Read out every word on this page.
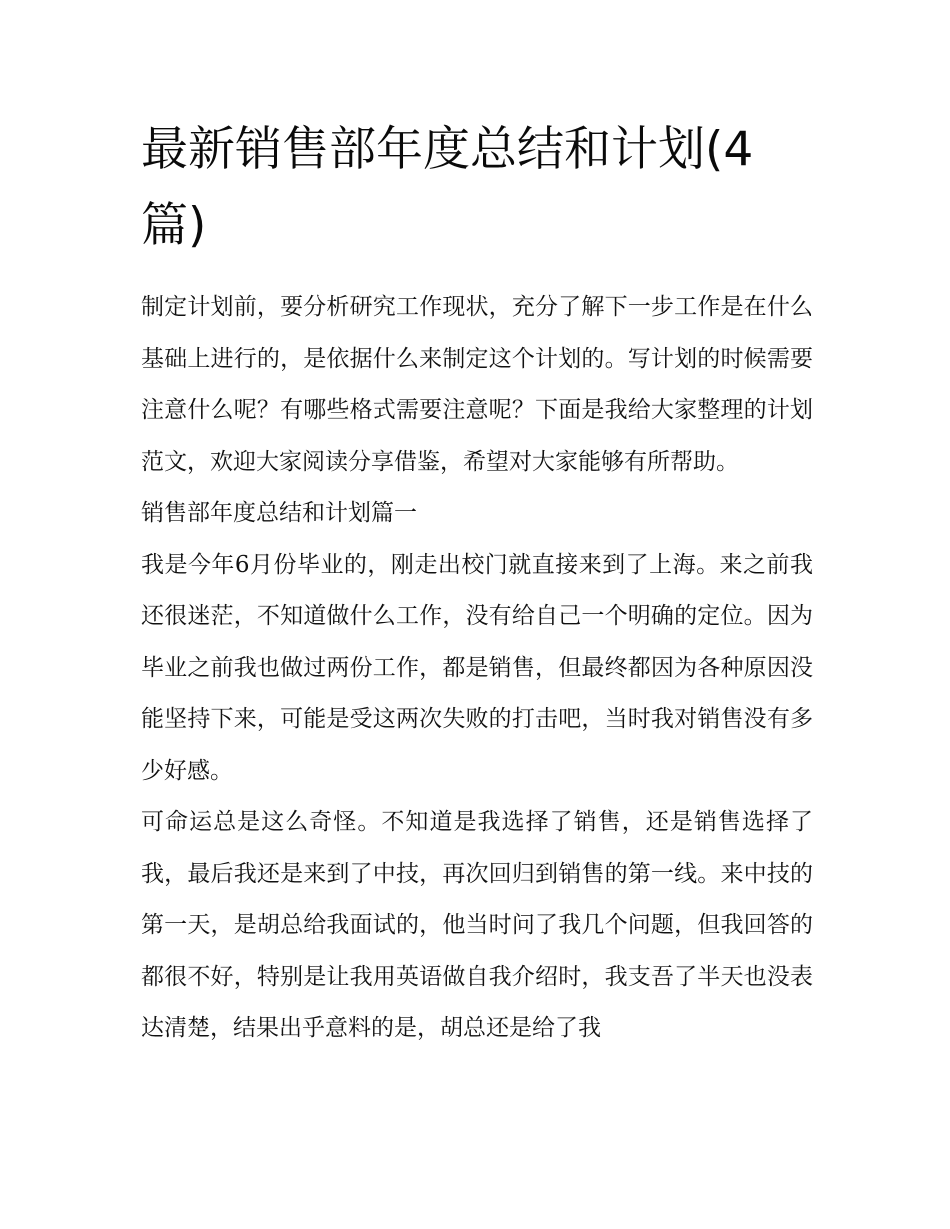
最新销售部年度总结和计划(4篇)

制定计划前，要分析研究工作现状，充分了解下一步工作是在什么基础上进行的，是依据什么来制定这个计划的。写计划的时候需要注意什么呢？有哪些格式需要注意呢？下面是我给大家整理的计划范文，欢迎大家阅读分享借鉴，希望对大家能够有所帮助。

销售部年度总结和计划篇一

我是今年6月份毕业的，刚走出校门就直接来到了上海。来之前我还很迷茫，不知道做什么工作，没有给自己一个明确的定位。因为毕业之前我也做过两份工作，都是销售，但最终都因为各种原因没能坚持下来，可能是受这两次失败的打击吧，当时我对销售没有多少好感。

可命运总是这么奇怪。不知道是我选择了销售，还是销售选择了我，最后我还是来到了中技，再次回归到销售的第一线。来中技的第一天，是胡总给我面试的，他当时问了我几个问题，但我回答的都很不好，特别是让我用英语做自我介绍时，我支吾了半天也没表达清楚，结果出乎意料的是，胡总还是给了我
